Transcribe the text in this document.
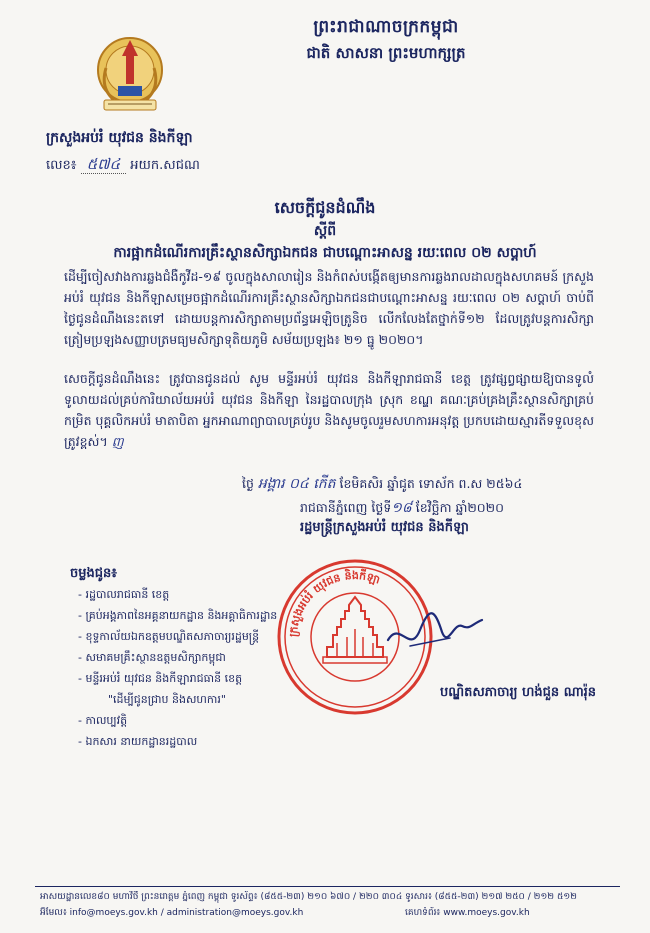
ព្រះរាជាណាចក្រកម្ពុជា
ជាតិ សាសនា ព្រះមហាក្សត្រ
ក្រសួងអប់រំ យុវជន និងកីឡា
លេខ៖ ៥៧៤ អយក.សជណ
សេចក្តីជូនដំណឹង
ស្តីពី
ការផ្អាកដំណើរការគ្រឹះស្ថានសិក្សាឯកជន ជាបណ្តោះអាសន្ន រយៈពេល ០២ សប្តាហ៍
ដើម្បីចៀសវាងការឆ្លងជំងឺកូវីដ-១៩ ចូលក្នុងសាលារៀន និងកំពស់បង្កើតឲ្យមានការឆ្លងរាលដាលក្នុងសហគមន៍ ក្រសួងអប់រំ យុវជន និងកីឡាសម្រេចផ្អាកដំណើរការគ្រឹះស្ថានសិក្សាឯកជនជាបណ្តោះអាសន្ន រយៈពេល ០២ សប្តាហ៍ ចាប់ពីថ្ងៃជូនដំណឹងនេះតទៅ ដោយបន្តការសិក្សាតាមប្រព័ន្ធអេឡិចត្រូនិច លើកលែងតែថ្នាក់ទី១២ ដែលត្រូវបន្តការសិក្សាត្រៀមប្រឡងសញ្ញាបត្រមធ្យមសិក្សាទុតិយភូមិ សម័យប្រឡង៖ ២១ ធ្នូ ២០២០។
សេចក្តីជូនដំណឹងនេះ ត្រូវបានជូនដល់ សូម មន្ទីរអប់រំ យុវជន និងកីឡារាជធានី ខេត្ត ត្រូវផ្សព្វផ្សាយឱ្យបានទូលំទូលាយដល់គ្រប់ការិយាល័យអប់រំ យុវជន និងកីឡា នៃរដ្ឋបាលក្រុង ស្រុក ខណ្ឌ គណៈគ្រប់គ្រងគ្រឹះស្ថានសិក្សាគ្រប់កម្រិត បុគ្គលិកអប់រំ មាតាបិតា អ្នកអាណាព្យាបាលគ្រប់រូប និងសូមចូលរួមសហការអនុវត្ត ប្រកបដោយស្មារតីទទួលខុសត្រូវខ្ពស់។ ញ
ថ្ងៃ អង្គារ ០៤ កើត ខែមិគសិរ ឆ្នាំជូត ទោស័ក ព.ស ២៥៦៤
រាជធានីភ្នំពេញ ថ្ងៃទី១៨ ខែវិច្ឆិកា ឆ្នាំ២០២០
រដ្ឋមន្ត្រីក្រសួងអប់រំ យុវជន និងកីឡា
ចម្លងជូន៖
- រដ្ឋបាលរាជធានី ខេត្ត
- គ្រប់អង្គភាពនៃអគ្គនាយកដ្ឋាន និងអគ្គាធិការដ្ឋាន
- ខុទ្ទកាល័យឯកឧត្តមបណ្ឌិតសភាចារ្យរដ្ឋមន្ត្រី
- សមាគមគ្រឹះស្ថានឧត្តមសិក្សាកម្ពុជា
- មន្ទីរអប់រំ យុវជន និងកីឡារាជធានី ខេត្ត
"ដើម្បីជូនជ្រាប និងសហការ"
- កាលប្បវត្តិ
- ឯកសារ នាយកដ្ឋានរដ្ឋបាល
ក្រសួងអប់រំ យុវជន និងកីឡា
បណ្ឌិតសភាចារ្យ ហង់ជួន ណារ៉ុន
អាសយដ្ឋានលេខ៨០ មហាវិថី ព្រះនរោត្តម ភ្នំពេញ កម្ពុជា ទូរស័ព្ទ៖ (៨៥៥-២៣) ២១០ ៦៧០ / ២២០ ៣០៤ ទូរសារ៖ (៨៥៥-២៣) ២១៧ ២៥០ / ២១២ ៥១២
អ៊ីមែល៖ info@moeys.gov.kh / administration@moeys.gov.kh	គេហទំព័រ៖ www.moeys.gov.kh
